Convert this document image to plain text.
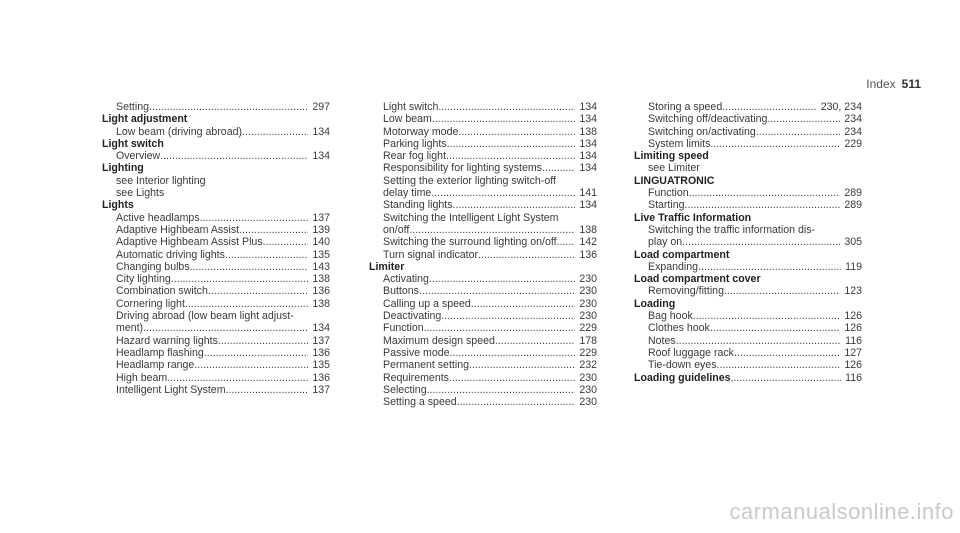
Index 511
Setting .....	297
Light adjustment
Low beam (driving abroad) .....	134
Light switch
Overview .....	134
Lighting
see Interior lighting
see Lights
Lights
Active headlamps .....	137
Adaptive Highbeam Assist .....	139
Adaptive Highbeam Assist Plus .....	140
Automatic driving lights .....	135
Changing bulbs .....	143
City lighting .....	138
Combination switch .....	136
Cornering light .....	138
Driving abroad (low beam light adjust-
ment) .....	134
Hazard warning lights .....	137
Headlamp flashing .....	136
Headlamp range .....	135
High beam .....	136
Intelligent Light System .....	137
Light switch .....	134
Low beam .....	134
Motorway mode .....	138
Parking lights .....	134
Rear fog light .....	134
Responsibility for lighting systems .....	134
Setting the exterior lighting switch-off
delay time .....	141
Standing lights .....	134
Switching the Intelligent Light System
on/off .....	138
Switching the surround lighting on/off .....	142
Turn signal indicator .....	136
Limiter
Activating .....	230
Buttons .....	230
Calling up a speed .....	230
Deactivating .....	230
Function .....	229
Maximum design speed .....	178
Passive mode .....	229
Permanent setting .....	232
Requirements .....	230
Selecting .....	230
Setting a speed .....	230
Storing a speed .....	230, 234
Switching off/deactivating .....	234
Switching on/activating .....	234
System limits .....	229
Limiting speed
see Limiter
LINGUATRONIC
Function .....	289
Starting .....	289
Live Traffic Information
Switching the traffic information dis-
play on .....	305
Load compartment
Expanding .....	119
Load compartment cover
Removing/fitting .....	123
Loading
Bag hook .....	126
Clothes hook .....	126
Notes .....	116
Roof luggage rack .....	127
Tie-down eyes .....	126
Loading guidelines .....	116
carmanualsonline.info
